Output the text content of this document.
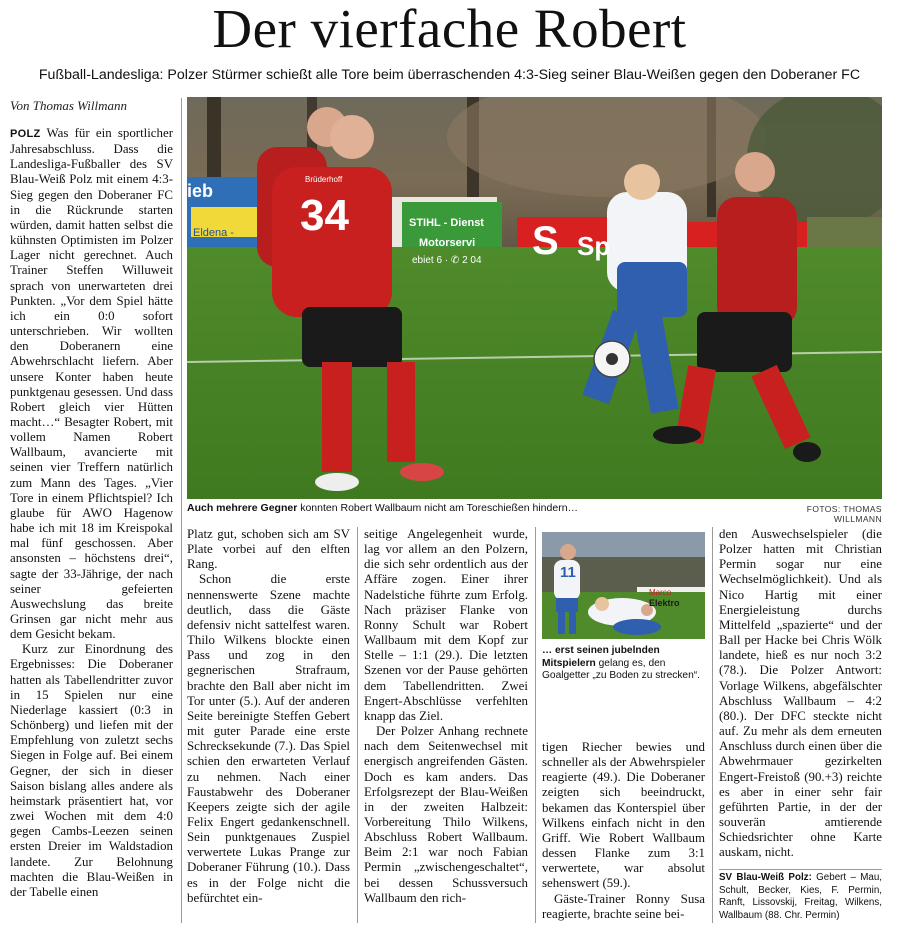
Der vierfache Robert
Fußball-Landesliga: Polzer Stürmer schießt alle Tore beim überraschenden 4:3-Sieg seiner Blau-Weißen gegen den Doberaner FC
Von Thomas Willmann

POLZ Was für ein sportlicher Jahresabschluss. Dass die Landesliga-Fußballer des SV Blau-Weiß Polz mit einem 4:3-Sieg gegen den Doberaner FC in die Rückrunde starten würden, damit hatten selbst die kühnsten Optimisten im Polzer Lager nicht gerechnet. Auch Trainer Steffen Willuweit sprach von unerwarteten drei Punkten. „Vor dem Spiel hätte ich ein 0:0 sofort unterschrieben. Wir wollten den Doberanern eine Abwehrschlacht liefern. Aber unsere Konter haben heute punktgenau gesessen. Und dass Robert gleich vier Hütten macht…“ Besagter Robert, mit vollem Namen Robert Wallbaum, avancierte mit seinen vier Treffern natürlich zum Mann des Tages. „Vier Tore in einem Pflichtspiel? Ich glaube für AWO Hagenow habe ich mit 18 im Kreispokal mal fünf geschossen. Aber ansonsten – höchstens drei“, sagte der 33-Jährige, der nach seiner gefeierten Auswechslung das breite Grinsen gar nicht mehr aus dem Gesicht bekam.

Kurz zur Einordnung des Ergebnisses: Die Doberaner hatten als Tabellendritter zuvor in 15 Spielen nur eine Niederlage kassiert (0:3 in Schönberg) und liefen mit der Empfehlung von zuletzt sechs Siegen in Folge auf. Bei einem Gegner, der sich in dieser Saison bislang alles andere als heimstark präsentiert hat, vor zwei Wochen mit dem 4:0 gegen Cambs-Leezen seinen ersten Dreier im Waldstadion landete. Zur Belohnung machten die Blau-Weißen in der Tabelle einen

34
Brüderhoff
ieb
Eldena -
STIHL - Dienst
Motorservi
ebiet 6 · ✆ 2 04 S Sp
Auch mehrere Gegner konnten Robert Wallbaum nicht am Toreschießen hindern…	FOTOS: THOMAS WILLMANN

Platz gut, schoben sich am SV Plate vorbei auf den elften Rang.

Schon die erste nennenswerte Szene machte deutlich, dass die Gäste defensiv nicht sattelfest waren. Thilo Wilkens blockte einen Pass und zog in den gegnerischen Strafraum, brachte den Ball aber nicht im Tor unter (5.). Auf der anderen Seite bereinigte Steffen Gebert mit guter Parade eine erste Schrecksekunde (7.). Das Spiel schien den erwarteten Verlauf zu nehmen. Nach einer Faustabwehr des Doberaner Keepers zeigte sich der agile Felix Engert gedankenschnell. Sein punktgenaues Zuspiel verwertete Lukas Prange zur Doberaner Führung (10.). Dass es in der Folge nicht die befürchtet ein-

seitige Angelegenheit wurde, lag vor allem an den Polzern, die sich sehr ordentlich aus der Affäre zogen. Einer ihrer Nadelstiche führte zum Erfolg. Nach präziser Flanke von Ronny Schult war Robert Wallbaum mit dem Kopf zur Stelle – 1:1 (29.). Die letzten Szenen vor der Pause gehörten dem Tabellendritten. Zwei Engert-Abschlüsse verfehlten knapp das Ziel.

Der Polzer Anhang rechnete nach dem Seitenwechsel mit energisch angreifenden Gästen. Doch es kam anders. Das Erfolgsrezept der Blau-Weißen in der zweiten Halbzeit: Vorbereitung Thilo Wilkens, Abschluss Robert Wallbaum. Beim 2:1 war noch Fabian Permin „zwischengeschaltet“, bei dessen Schussversuch Wallbaum den rich-

11
Marco
Elektro
… erst seinen jubelnden Mitspielern gelang es, den Goalgetter „zu Boden zu strecken“.

tigen Riecher bewies und schneller als der Abwehrspieler reagierte (49.). Die Doberaner zeigten sich beeindruckt, bekamen das Konterspiel über Wilkens einfach nicht in den Griff. Wie Robert Wallbaum dessen Flanke zum 3:1 verwertete, war absolut sehenswert (59.).

Gäste-Trainer Ronny Susa reagierte, brachte seine bei-

den Auswechselspieler (die Polzer hatten mit Christian Permin sogar nur eine Wechselmöglichkeit). Und als Nico Hartig mit einer Energieleistung durchs Mittelfeld „spazierte“ und der Ball per Hacke bei Chris Wölk landete, hieß es nur noch 3:2 (78.). Die Polzer Antwort: Vorlage Wilkens, abgefälschter Abschluss Wallbaum – 4:2 (80.). Der DFC steckte nicht auf. Zu mehr als dem erneuten Anschluss durch einen über die Abwehrmauer gezirkelten Engert-Freistoß (90.+3) reichte es aber in einer sehr fair geführten Partie, in der der souverän amtierende Schiedsrichter ohne Karte auskam, nicht.

SV Blau-Weiß Polz: Gebert – Mau, Schult, Becker, Kies, F. Permin, Ranft, Lissovskij, Freitag, Wilkens, Wallbaum (88. Chr. Permin)
